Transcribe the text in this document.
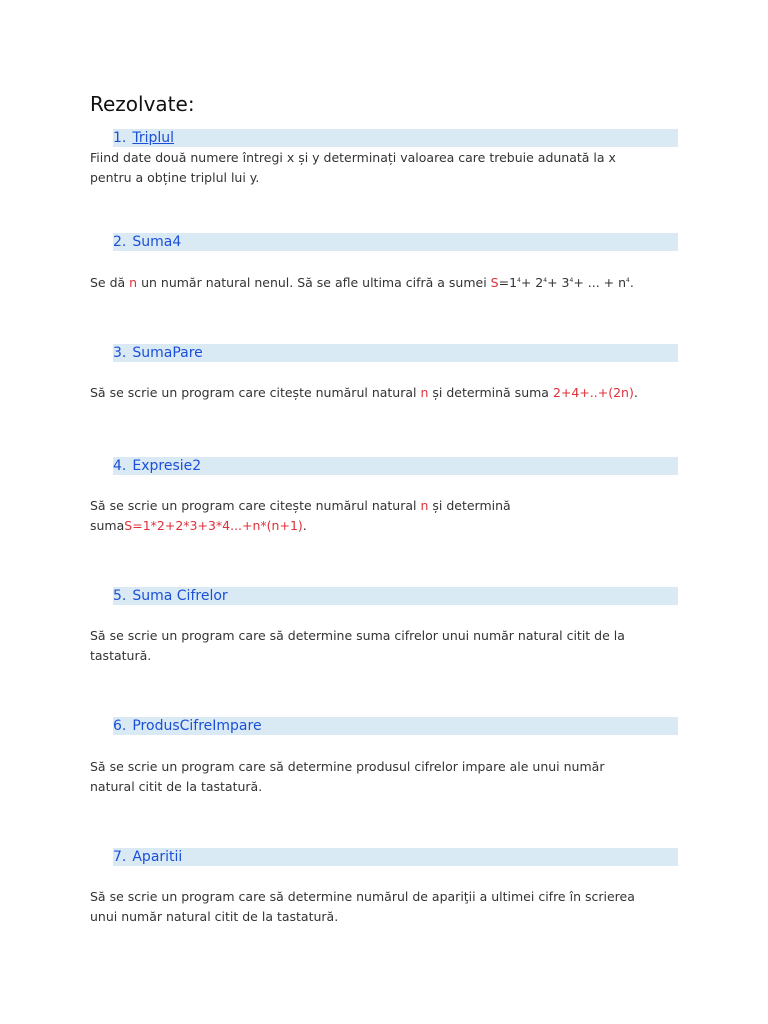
Rezolvate:
1. Triplul

Fiind date două numere întregi x și y determinați valoarea care trebuie adunată la x
pentru a obține triplul lui y.

2. Suma4

Se dă n un număr natural nenul. Să se afle ultima cifră a sumei $S=1^4+ 2^4+ 3^4+$ ... + $n^4$.

3. SumaPare

Să se scrie un program care citește numărul natural n și determină suma 2+4+..+(2n).

4. Expresie2

Să se scrie un program care citește numărul natural n și determină
sumaS=1*2+2*3+3*4...+n*(n+1).

5. Suma Cifrelor

Să se scrie un program care să determine suma cifrelor unui număr natural citit de la
tastatură.

6. ProdusCifreImpare

Să se scrie un program care să determine produsul cifrelor impare ale unui număr
natural citit de la tastatură.

7. Aparitii

Să se scrie un program care să determine numărul de apariţii a ultimei cifre în scrierea
unui număr natural citit de la tastatură.
